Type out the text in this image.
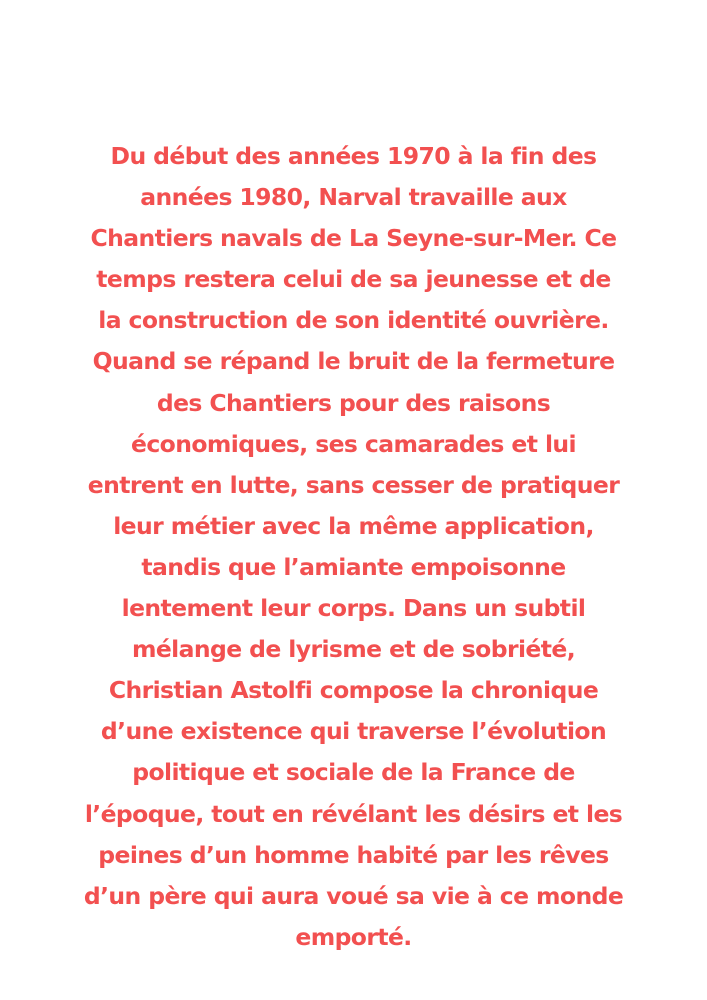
Du début des années 1970 à la fin des
années 1980, Narval travaille aux
Chantiers navals de La Seyne-sur-Mer. Ce
temps restera celui de sa jeunesse et de
la construction de son identité ouvrière.
Quand se répand le bruit de la fermeture
des Chantiers pour des raisons
économiques, ses camarades et lui
entrent en lutte, sans cesser de pratiquer
leur métier avec la même application,
tandis que l’amiante empoisonne
lentement leur corps. Dans un subtil
mélange de lyrisme et de sobriété,
Christian Astolfi compose la chronique
d’une existence qui traverse l’évolution
politique et sociale de la France de
l’époque, tout en révélant les désirs et les
peines d’un homme habité par les rêves
d’un père qui aura voué sa vie à ce monde
emporté.
